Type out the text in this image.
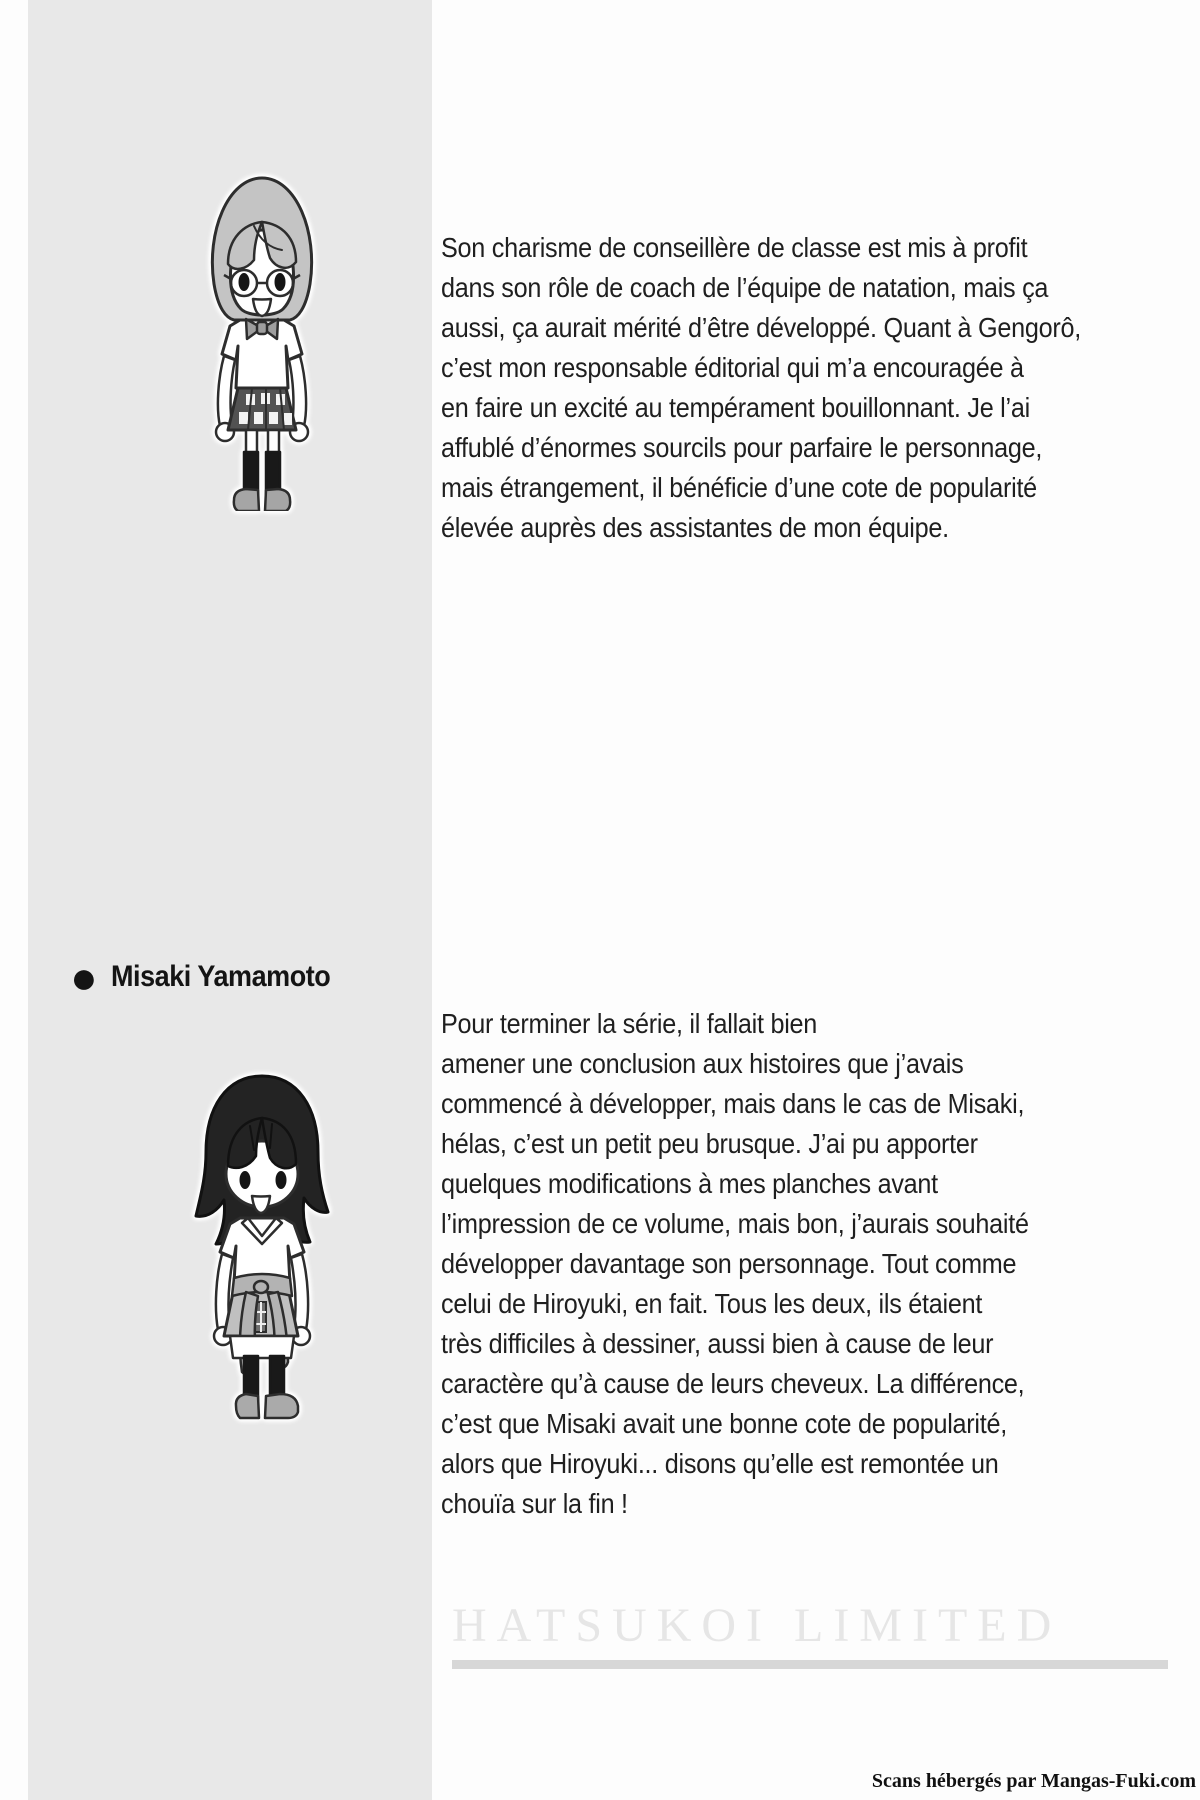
Son charisme de conseillère de classe est mis à profit
dans son rôle de coach de l’équipe de natation, mais ça
aussi, ça aurait mérité d’être développé. Quant à Gengorô,
c’est mon responsable éditorial qui m’a encouragée à
en faire un excité au tempérament bouillonnant. Je l’ai
affublé d’énormes sourcils pour parfaire le personnage,
mais étrangement, il bénéficie d’une cote de popularité
élevée auprès des assistantes de mon équipe.
● Misaki Yamamoto
Pour terminer la série, il fallait bien
amener une conclusion aux histoires que j’avais
commencé à développer, mais dans le cas de Misaki,
hélas, c’est un petit peu brusque. J’ai pu apporter
quelques modifications à mes planches avant
l’impression de ce volume, mais bon, j’aurais souhaité
développer davantage son personnage. Tout comme
celui de Hiroyuki, en fait. Tous les deux, ils étaient
très difficiles à dessiner, aussi bien à cause de leur
caractère qu’à cause de leurs cheveux. La différence,
c’est que Misaki avait une bonne cote de popularité,
alors que Hiroyuki... disons qu’elle est remontée un
chouïa sur la fin !
HATSUKOI LIMITED
Scans hébergés par Mangas-Fuki.com
